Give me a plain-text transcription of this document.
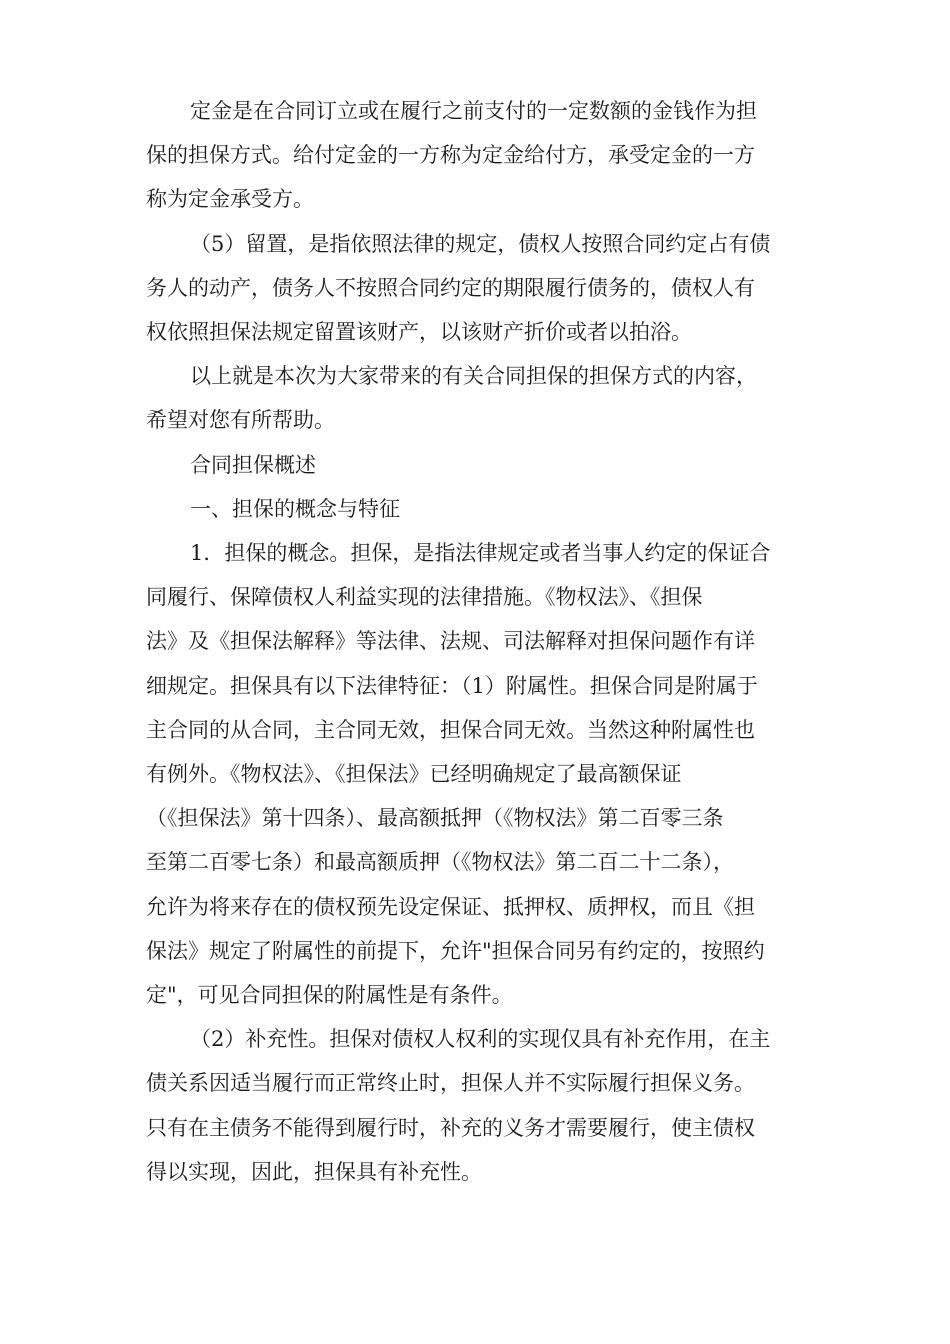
定金是在合同订立或在履行之前支付的一定数额的金钱作为担
保的担保方式。给付定金的一方称为定金给付方，承受定金的一方
称为定金承受方。

（5）留置，是指依照法律的规定，债权人按照合同约定占有债
务人的动产，债务人不按照合同约定的期限履行债务的，债权人有
权依照担保法规定留置该财产，以该财产折价或者以拍浴。

以上就是本次为大家带来的有关合同担保的担保方式的内容，
希望对您有所帮助。

合同担保概述

一、担保的概念与特征

1．担保的概念。担保，是指法律规定或者当事人约定的保证合
同履行、保障债权人利益实现的法律措施。《物权法》、《担保
法》及《担保法解释》等法律、法规、司法解释对担保问题作有详
细规定。担保具有以下法律特征：（1）附属性。担保合同是附属于
主合同的从合同，主合同无效，担保合同无效。当然这种附属性也
有例外。《物权法》、《担保法》已经明确规定了最高额保证
（《担保法》第十四条）、最高额抵押（《物权法》第二百零三条
至第二百零七条）和最高额质押（《物权法》第二百二十二条），
允许为将来存在的债权预先设定保证、抵押权、质押权，而且《担
保法》规定了附属性的前提下，允许"担保合同另有约定的，按照约
定"，可见合同担保的附属性是有条件。

（2）补充性。担保对债权人权利的实现仅具有补充作用，在主
债关系因适当履行而正常终止时，担保人并不实际履行担保义务。
只有在主债务不能得到履行时，补充的义务才需要履行，使主债权
得以实现，因此，担保具有补充性。
